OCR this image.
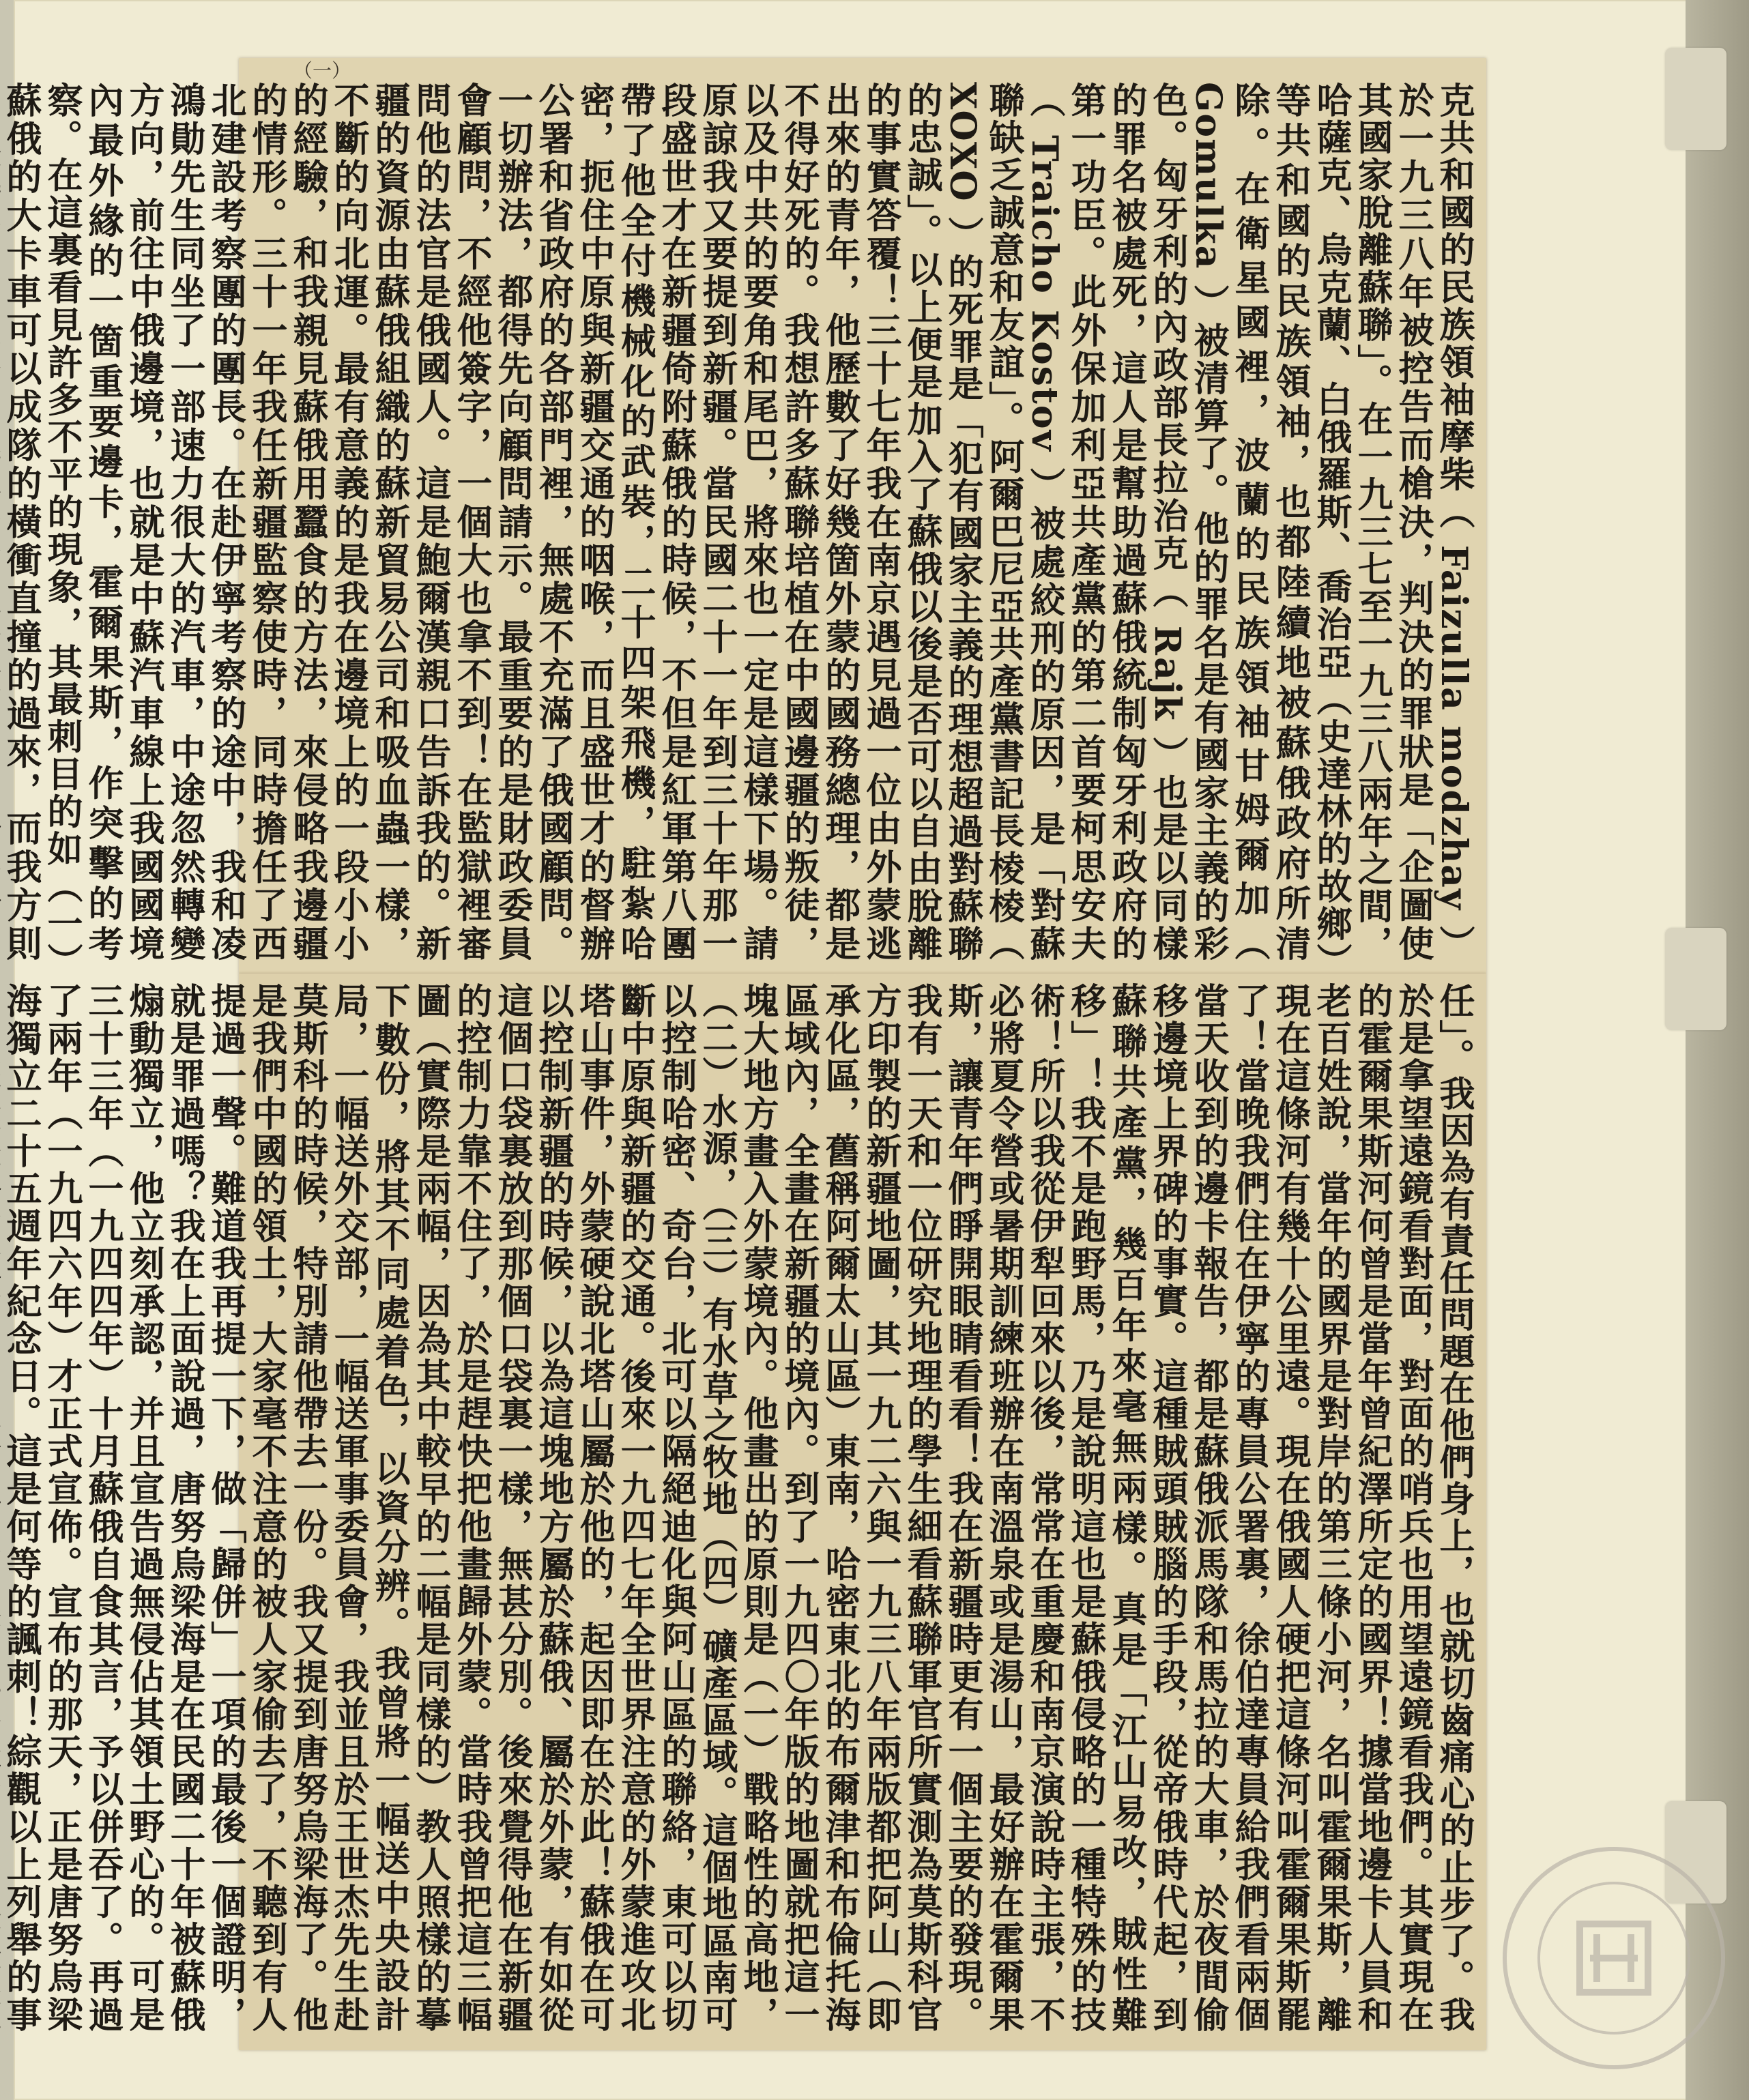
（一）
克共和國的民族領袖摩柴（ Faizulla modzhay ）於一九三八年被控告而槍決，判決的罪狀是「企圖使其國家脫離蘇聯」。在一九三七至一九三八兩年之間，哈薩克、烏克蘭、白俄羅斯、喬治亞（史達林的故鄉）等共和國的民族領袖，也都陸續地被蘇俄政府所清除。在衛星國裡，波蘭的民族領袖甘姆爾加（ Gomulka ）被清算了。他的罪名是有國家主義的彩色。匈牙利的內政部長拉治克（ Rajk ）也是以同樣的罪名被處死，這人是幫助過蘇俄統制匈牙利政府的第一功臣。此外保加利亞共產黨的第二首要柯思安夫（ Traicho Kostov ）被處絞刑的原因，是「對蘇聯缺乏誠意和友誼」。阿爾巴尼亞共產黨書記長棱棱（ XOXO ）的死罪是「犯有國家主義的理想超過對蘇聯的忠誠」。以上便是加入了蘇俄以後是否可以自由脫離的事實答覆！三十七年我在南京遇見過一位由外蒙逃出來的青年，他歷數了好幾箇外蒙的國務總理，都是不得好死的。我想許多蘇聯培植在中國邊疆的叛徒，以及中共的要角和尾巴，將來也一定是這樣下場。請原諒我又要提到新疆。當民國二十一年到三十年那一段盛世才在新疆倚附蘇俄的時候，不但是紅軍第八團帶了他全付機械化的武裝，二十四架飛機，駐紮哈密，扼住中原與新疆交通的咽喉，而且盛世才的督辦公署和省政府的各部門裡，無處不充滿了俄國顧問。一切辦法，都得先向顧問請示。最重要的是財政委員會顧問，不經他簽字，一個大也拿不到！在監獄裡審問他的法官是俄國人。這是鮑爾漢親口告訴我的。新疆的資源由蘇俄組織的蘇新貿易公司和吸血蟲一樣，不斷的向北運。最有意義的是我在邊境上的一段小小的經驗，和我親見蘇俄用蠶食的方法，來侵略我邊疆的情形。三十一年我任新疆監察使時，同時擔任了西北建設考察團的團長。在赴伊寧考察的途中，我和凌鴻勛先生同坐了一部速力很大的汽車，中途忽然轉變方向，前往中俄邊境，也就是中蘇汽車線上我國國境內最外緣的一箇重要邊卡，霍爾果斯，作突擊的考察。在這裏看見許多不平的現象，其最刺目的如（一）蘇俄的大卡車可以成隊的橫衝直撞的過來，而我方則
任」。我因為有責任問題在他們身上，也就切齒痛心的止步了。我於是拿望遠鏡看對面，對面的哨兵也用望遠鏡看我們。其實現在的霍爾果斯河何曾是當年曾紀澤所定的國界！據當地邊卡人員和老百姓說，當年的國界是對岸的第三條小河，名叫霍爾果斯，離現在這條河有幾十公里遠。現在俄國人硬把這條河叫霍爾果斯罷了！當晚我們住在伊寧的專員公署裏，徐伯達專員給我們看兩個當天收到的邊卡報告，都是蘇俄派馬隊和馬拉的大車，於夜間偷移邊境上界碑的事實。這種賊頭賊腦的手段，從帝俄時代起，到蘇聯共產黨，幾百年來毫無兩樣。真是「江山易改，賊性難移」！我不是跑野馬，乃是說明這也是蘇俄侵略的一種特殊的技術！所以我從伊犁回來以後，常常在重慶和南京演說時主張，不必將夏令營或暑期訓練班辦在南溫泉或是湯山，最好辦在霍爾果斯，讓青年們睜開眼睛看看！我在新疆時更有一個主要的發現。我有一天和一位研究地理的學生細看蘇聯軍官所實測為莫斯科官方印製的新疆地圖，其一九二六與一九三八年兩版都把阿山（即承化區，舊稱阿爾太山區）東南，哈密東北的布爾津和布倫托海區域內，全畫在新疆的境內。到了一九四〇年版的地圖就把這一塊大地方畫入外蒙境內。他畫出的原則是（一）戰略性的高地，（二）水源，（三）有水草之牧地（四）礦產區域。這個地區南可以控制哈密、奇台，北可以隔絕迪化與阿山區的聯絡，東可以切斷中原與新疆的交通。後來一九四七年全世界注意的外蒙進攻北塔山事件，外蒙硬說北塔山屬於他的，起因即在於此！蘇俄在可以控制新疆的時候，以為這塊地方屬於蘇俄、屬於外蒙，有如從這個口袋裏放到那個口袋裏一樣，無甚分別。後來覺得他在新疆的控制力靠不住了，於是趕快把他畫歸外蒙。當時我曾把這三幅圖（實際是兩幅，因為其中較早的二幅是同樣的）教人照樣的摹下數份，將其不同處着色，以資分辨。我曾將一幅送中央設計局，一幅送外交部，一幅送軍事委員會，我並且於王世杰先生赴莫斯科的時候，特別請他帶去一份。我又提到唐努烏梁海了。他是我們中國的領土，大家毫不注意的被人家偷去了，不聽到有人提過一聲。難道我再提一下，做「歸併」一項的最後一個證明，就是罪過嗎？我在上面說過，唐努烏梁海是在民國二十年被蘇俄煽動獨立，他立刻承認，并且宣告過無侵佔其領土野心的。可是三十三年（一九四四年）十月蘇俄自食其言，予以併吞了。再過了兩年（一九四六年）才正式宣佈。宣布的那天，正是唐努烏梁海獨立二十五週年紀念日。這是何等的諷刺！綜觀以上列舉的事
